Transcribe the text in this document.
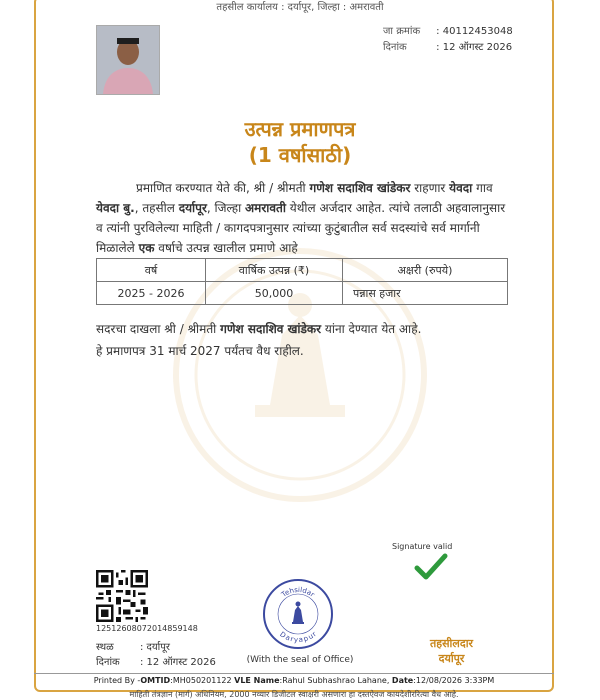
तहसील कार्यालय : दर्यापूर, जिल्हा : अमरावती
जा क्रमांक : 40112453048
दिनांक	: 12 ऑगस्ट 2026
उत्पन्न प्रमाणपत्र
(1 वर्षासाठी)
प्रमाणित करण्यात येते की, श्री / श्रीमती गणेश सदाशिव खांडेकर राहणार येवदा गाव येवदा बु., तहसील दर्यापूर, जिल्हा अमरावती येथील अर्जदार आहेत. त्यांचे तलाठी अहवालानुसार व त्यांनी पुरविलेल्या माहिती / कागदपत्रानुसार त्यांच्या कुटुंबातील सर्व सदस्यांचे सर्व मार्गानी मिळालेले एक वर्षाचे उत्पन्न खालील प्रमाणे आहे
वर्ष	वार्षिक उत्पन्न (₹)	अक्षरी (रुपये)
2025 - 2026	50,000	पन्नास हजार
सदरचा दाखला श्री / श्रीमती गणेश सदाशिव खांडेकर यांना देण्यात येत आहे.
हे प्रमाणपत्र 31 मार्च 2027 पर्यंतच वैध राहील.
Signature valid
12512608072014859148
स्थळ	: दर्यापूर
दिनांक : 12 ऑगस्ट 2026
Tehsildar
Daryapur
(With the seal of Office)
तहसीलदार
दर्यापूर
Printed By -OMTID:MH050201122 VLE Name:Rahul Subhashrao Lahane, Date:12/08/2026 3:33PM
माहिती तंत्रज्ञान (मार्ग) अधिनियम, 2000 नव्यार डिजीटल स्वाक्षरी असणारा हा दस्तऐवज कायदेशीररित्या वैध आहे.
